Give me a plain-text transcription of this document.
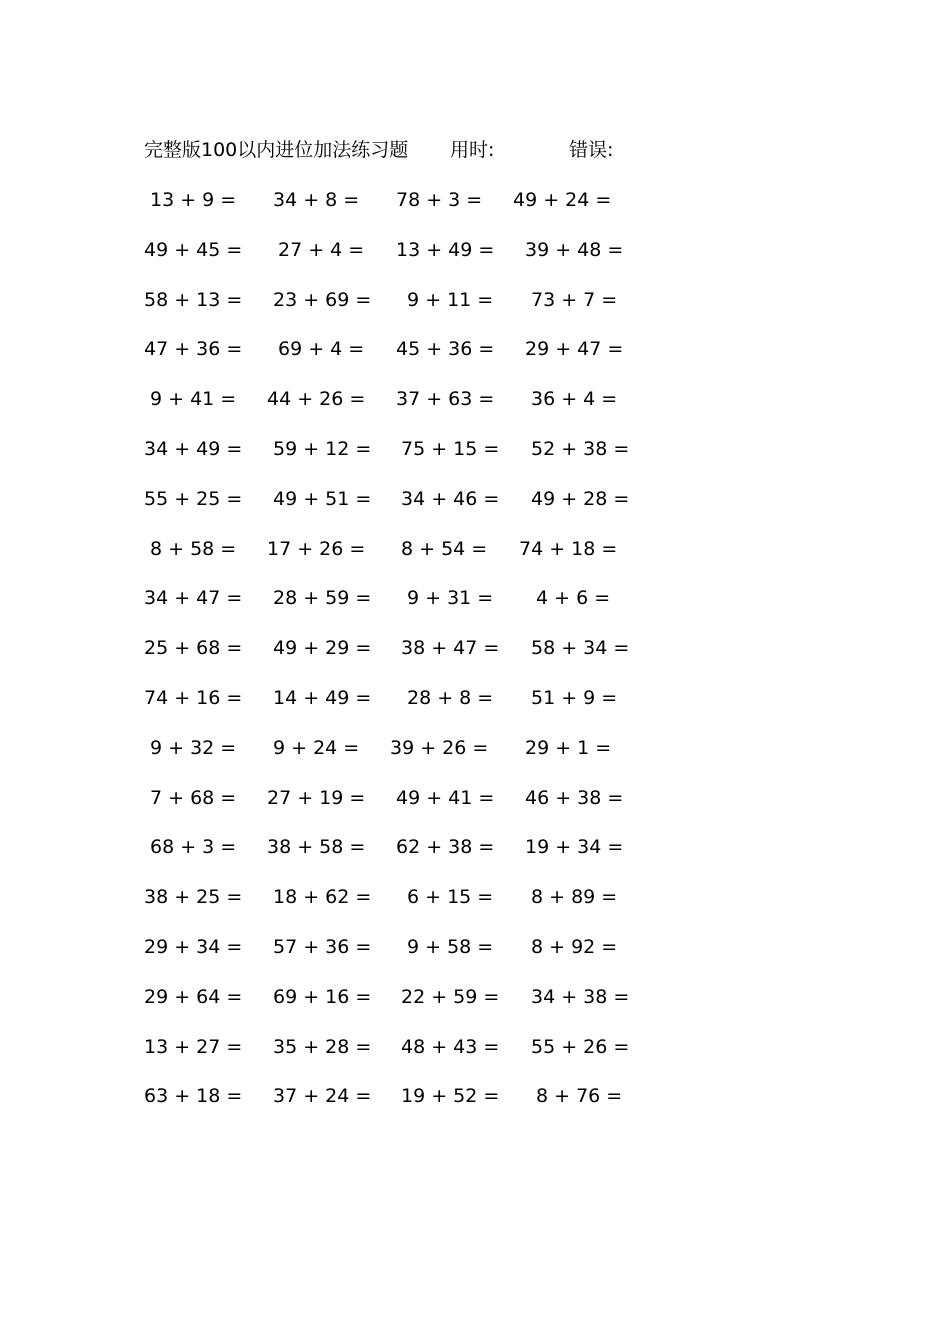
完整版100以内进位加法练习题 用时:	错误:
13 + 9 =	34 + 8 =	78 + 3 =	49 + 24 =
49 + 45 =	27 + 4 =	13 + 49 =	39 + 48 =
58 + 13 =	23 + 69 =	9 + 11 =	73 + 7 =
47 + 36 =	69 + 4 =	45 + 36 =	29 + 47 =
9 + 41 =	44 + 26 =	37 + 63 =	36 + 4 =
34 + 49 =	59 + 12 =	75 + 15 =	52 + 38 =
55 + 25 =	49 + 51 =	34 + 46 =	49 + 28 =
8 + 58 =	17 + 26 =	8 + 54 =	74 + 18 =
34 + 47 =	28 + 59 =	9 + 31 =	4 + 6 =
25 + 68 =	49 + 29 =	38 + 47 =	58 + 34 =
74 + 16 =	14 + 49 =	28 + 8 =	51 + 9 =
9 + 32 =	9 + 24 =	39 + 26 =	29 + 1 =
7 + 68 =	27 + 19 =	49 + 41 =	46 + 38 =
68 + 3 =	38 + 58 =	62 + 38 =	19 + 34 =
38 + 25 =	18 + 62 =	6 + 15 =	8 + 89 =
29 + 34 =	57 + 36 =	9 + 58 =	8 + 92 =
29 + 64 =	69 + 16 =	22 + 59 =	34 + 38 =
13 + 27 =	35 + 28 =	48 + 43 =	55 + 26 =
63 + 18 =	37 + 24 =	19 + 52 =	8 + 76 =
